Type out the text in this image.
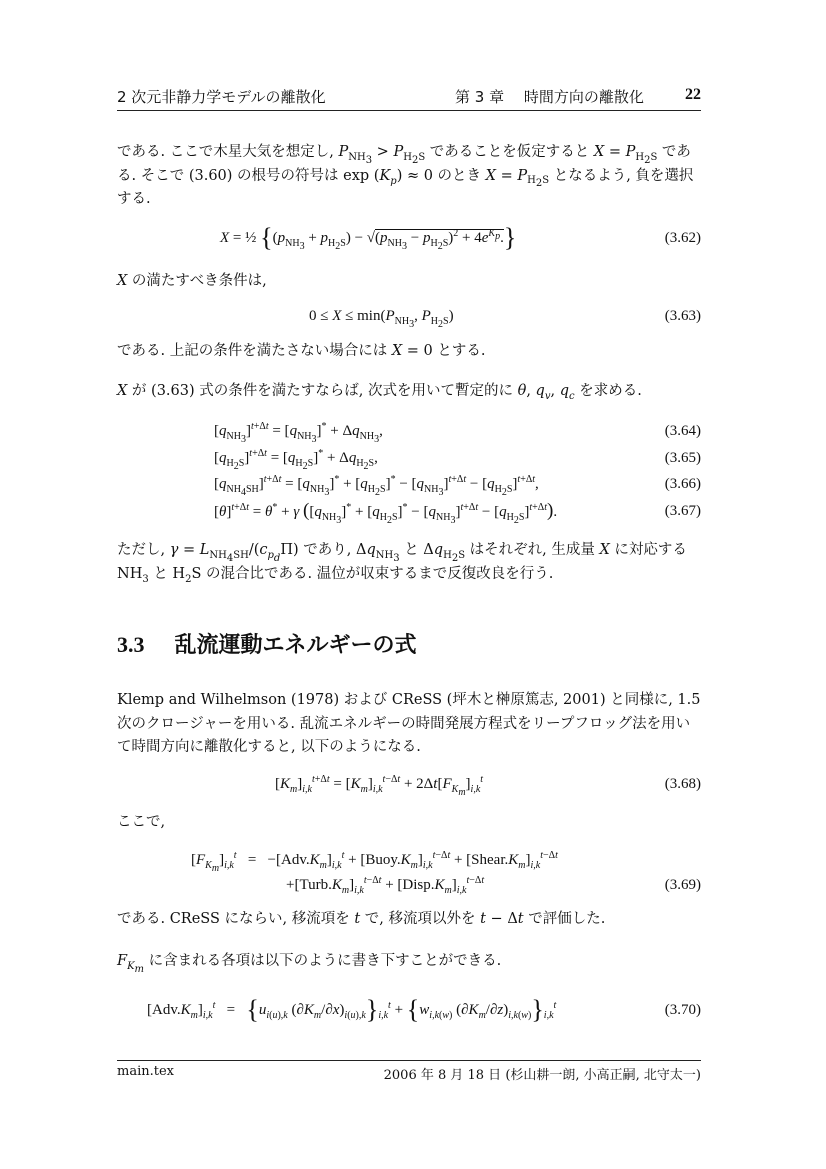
2 次元非静力学モデルの離散化	第 3 章　 時間方向の離散化	22
である. ここで木星大気を想定し, $P_{NH_3} > P_{H_2S}$ であることを仮定すると $X = P_{H_2S}$ である. そこで (3.60) の根号の符号は $\exp (K_p) \approx 0$ のとき $X = P_{H_2S}$ となるよう, 負を選択する.
X = ½ $\{(p_{NH_3} + p_{H_2S}) - √(p_{NH_3} - p_{H_2S})^2 + 4e^{K_p}.\}$	(3.62)
X の満たすべき条件は,
$0 \le X \le \min(P_{NH_3}$, $P_{H_2S}$)	(3.63)
である. 上記の条件を満たさない場合には X = 0 とする.
X が (3.63) 式の条件を満たすならば, 次式を用いて暫定的に θ, $q_v$, $q_c$ を求める.
$[q_{NH_3}]^{t+\Delta t} = [q_{NH_3}]^* + \Delta q_{NH_3}$,	(3.64)
$[q_{H_2S}]^{t+\Delta t} = [q_{H_2S}]^* + \Delta q_{H_2S}$,	(3.65)
$[q_{NH_4SH}]^{t+\Delta t} = [q_{NH_3}]^* + [q_{H_2S}]^* - [q_{NH_3}]^{t+\Delta t} - [q_{H_2S}]^{t+\Delta t}$,	(3.66)
$[\theta]^{t+\Delta t} = \theta^* + \gamma$ $([q_{NH_3}]^* + [q_{H_2S}]^* - [q_{NH_3}]^{t+\Delta t} - [q_{H_2S}]^{t+\Delta t})$.	(3.67)
ただし, $\gamma = L_{NH_4SH}/(c_{p_d}\Pi)$ であり, $\Delta q_{NH_3}$ と $\Delta q_{H_2S}$ はそれぞれ, 生成量 X に対応する $NH_3$ と $H_2S$ の混合比である. 温位が収束するまで反復改良を行う.
3.3 乱流運動エネルギーの式
Klemp and Wilhelmson (1978) および CReSS (坪木と榊原篤志, 2001) と同様に, 1.5 次のクロージャーを用いる. 乱流エネルギーの時間発展方程式をリープフロッグ法を用いて時間方向に離散化すると, 以下のようになる.
$[K_m]_{i,k}^{t+\Delta t} = [K_m]_{i,k}^{t-\Delta t} + 2\Delta t[F_{K_m}]_{i,k}^t$	(3.68)
ここで,
$[F_{K_m}]_{i,k}^t = -[Adv.K_m]_{i,k}^t$ + $[Buoy.K_m]_{i,k}^{t-\Delta t}$ + $[Shear.K_m]_{i,k}^{t-\Delta t}$
$+[Turb.K_m]_{i,k}^{t-\Delta t}$ + $[Disp.K_m]_{i,k}^{t-\Delta t}$	(3.69)
である. CReSS にならい, 移流項を t で, 移流項以外を t − Δt で評価した.
$F_{K_m}$ に含まれる各項は以下のように書き下すことができる.
$[Adv.K_m]_{i,k}^t = \{u_{i(u),k}$ $(\partial K_m/\partial x)_{i(u),k}\}_{i,k}^t + \{w_{i,k(w)}$ $(\partial K_m/\partial z)_{i,k(w)}\}_{i,k}^t$	(3.70)
main.tex	2006 年 8 月 18 日 (杉山耕一朗, 小高正嗣, 北守太一)
